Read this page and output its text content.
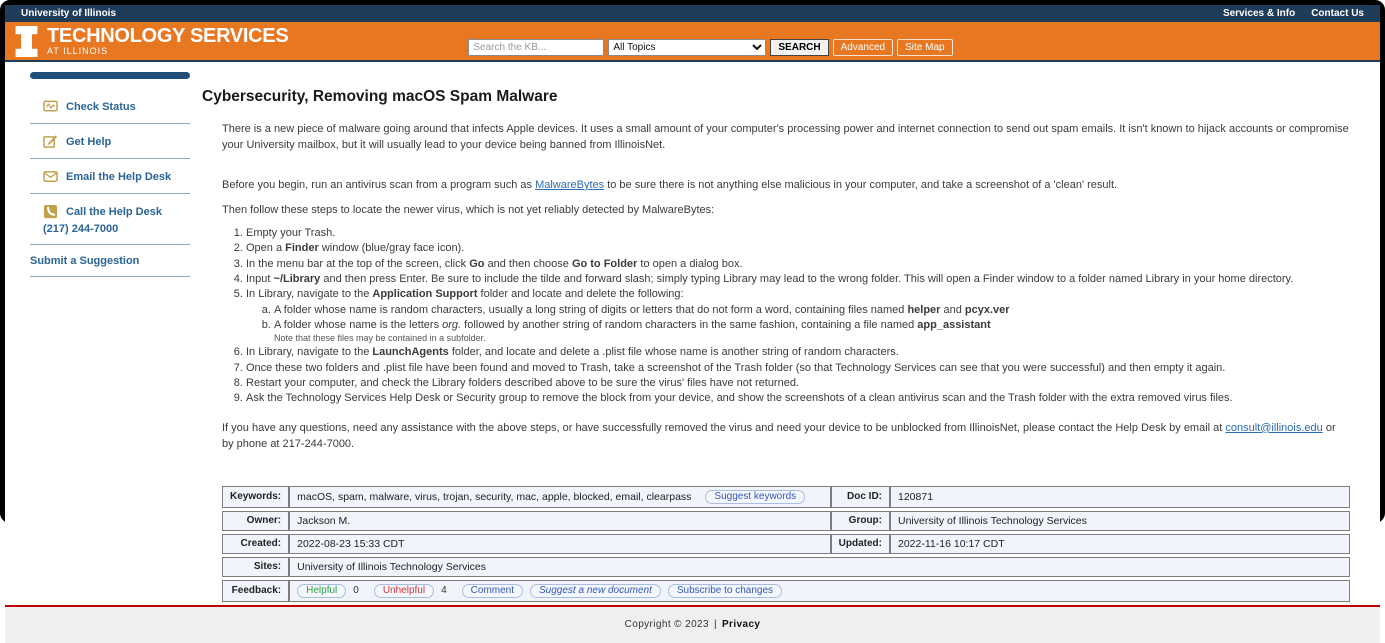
University of Illinois	Services & Info Contact Us
TECHNOLOGY SERVICES
AT ILLINOIS
Search the KB...
All Topics	SEARCH	Advanced	Site Map
Check Status
Get Help
Email the Help Desk
Call the Help Desk
(217) 244-7000
Submit a Suggestion
Cybersecurity, Removing macOS Spam Malware

There is a new piece of malware going around that infects Apple devices. It uses a small amount of your computer's processing power and internet connection to send out spam emails. It isn't known to hijack accounts or compromise your University mailbox, but it will usually lead to your device being banned from IllinoisNet.

Before you begin, run an antivirus scan from a program such as MalwareBytes to be sure there is not anything else malicious in your computer, and take a screenshot of a 'clean' result.

Then follow these steps to locate the newer virus, which is not yet reliably detected by MalwareBytes:

1. Empty your Trash.
2. Open a Finder window (blue/gray face icon).
3. In the menu bar at the top of the screen, click Go and then choose Go to Folder to open a dialog box.
4. Input ~/Library and then press Enter. Be sure to include the tilde and forward slash; simply typing Library may lead to the wrong folder. This will open a Finder window to a folder named Library in your home directory.
5. In Library, navigate to the Application Support folder and locate and delete the following:
a. A folder whose name is random characters, usually a long string of digits or letters that do not form a word, containing files named helper and pcyx.ver
b. A folder whose name is the letters org. followed by another string of random characters in the same fashion, containing a file named app_assistant
Note that these files may be contained in a subfolder.
6. In Library, navigate to the LaunchAgents folder, and locate and delete a .plist file whose name is another string of random characters.
7. Once these two folders and .plist file have been found and moved to Trash, take a screenshot of the Trash folder (so that Technology Services can see that you were successful) and then empty it again.
8. Restart your computer, and check the Library folders described above to be sure the virus' files have not returned.
9. Ask the Technology Services Help Desk or Security group to remove the block from your device, and show the screenshots of a clean antivirus scan and the Trash folder with the extra removed virus files.

If you have any questions, need any assistance with the above steps, or have successfully removed the virus and need your device to be unblocked from IllinoisNet, please contact the Help Desk by email at consult@illinois.edu or by phone at 217-244-7000.

Keywords:	macOS, spam, malware, virus, trojan, security, mac, apple, blocked, email, clearpass Suggest keywords	Doc ID:	120871
Owner:	Jackson M.	Group:	University of Illinois Technology Services
Created:	2022-08-23 15:33 CDT	Updated:	2022-11-16 10:17 CDT
Sites:	University of Illinois Technology Services		
Feedback:	Helpful	0	Unhelpful	4	Comment	Suggest a new document	Subscribe to changes
Copyright © 2023 | Privacy
